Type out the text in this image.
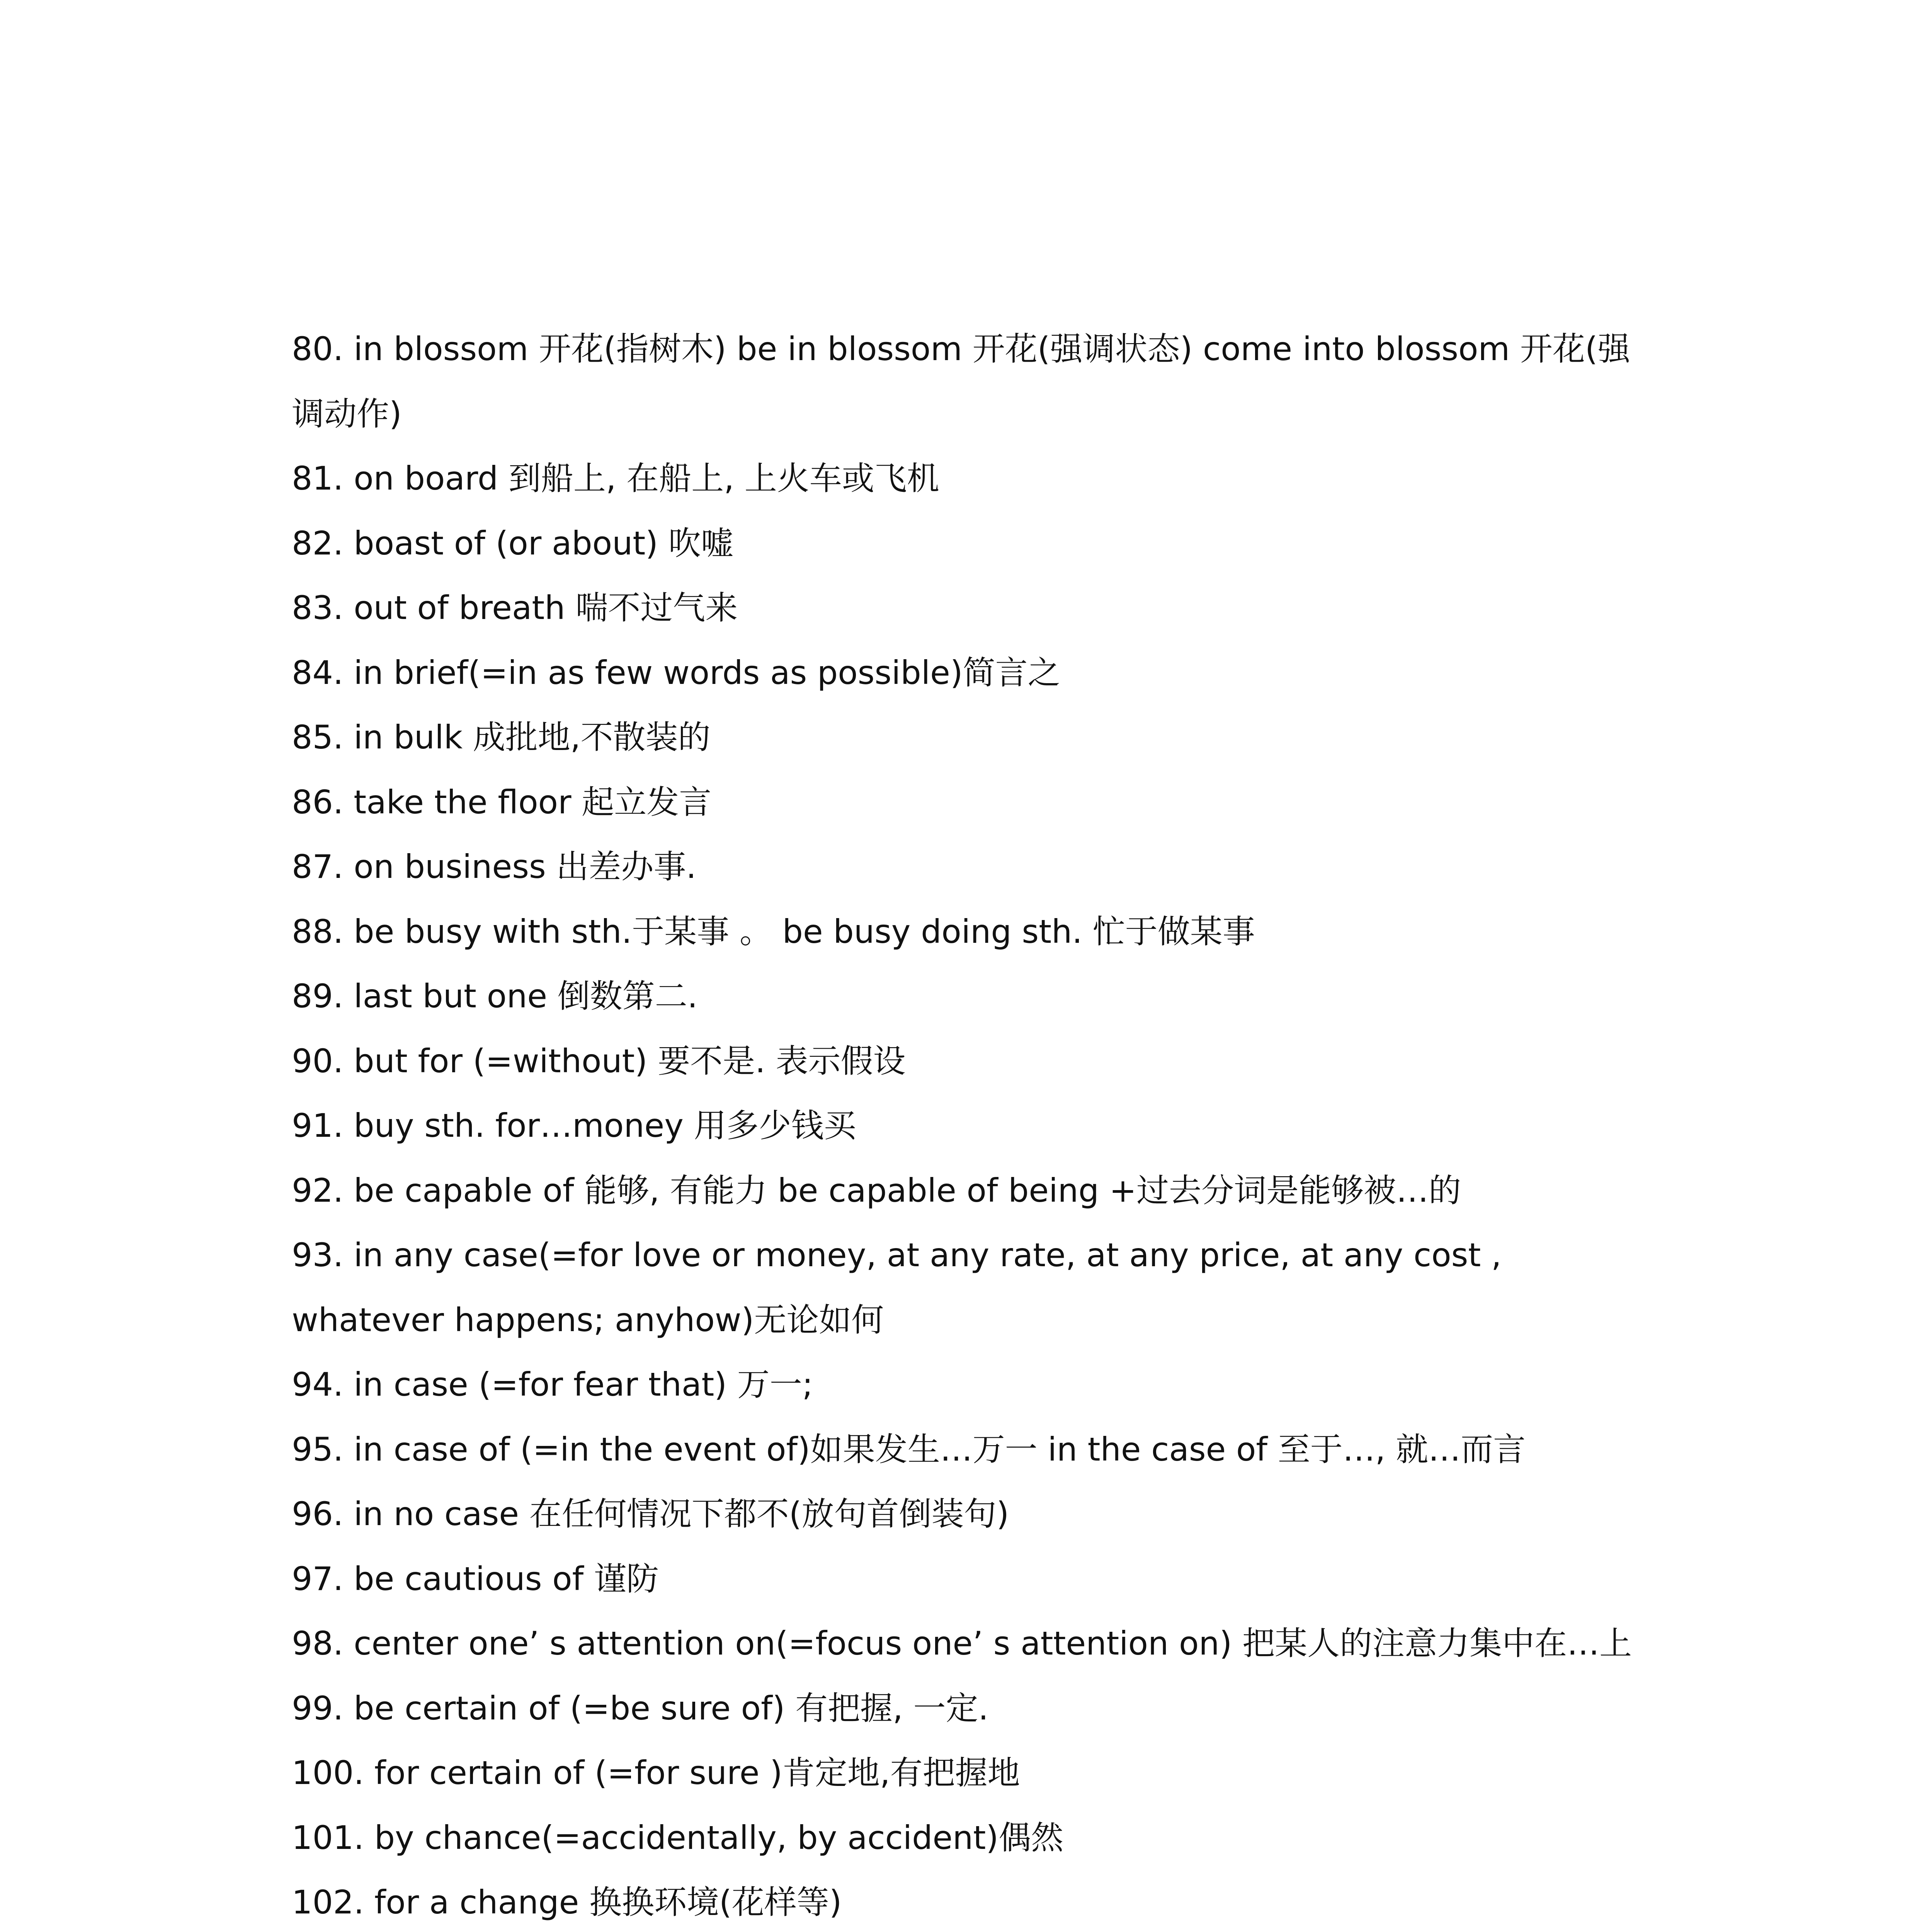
80. in blossom 开花(指树木) be in blossom 开花(强调状态) come into blossom 开花(强调动作)

81. on board 到船上, 在船上, 上火车或飞机

82. boast of (or about) 吹嘘

83. out of breath 喘不过气来

84. in brief(=in as few words as possible)简言之

85. in bulk 成批地,不散装的

86. take the floor 起立发言

87. on business 出差办事.

88. be busy with sth.于某事 。 be busy doing sth. 忙于做某事

89. last but one 倒数第二.

90. but for (=without) 要不是. 表示假设

91. buy sth. for…money 用多少钱买

92. be capable of 能够, 有能力 be capable of being +过去分词是能够被…的

93. in any case(=for love or money, at any rate, at any price, at any cost , whatever happens; anyhow)无论如何

94. in case (=for fear that) 万一;

95. in case of (=in the event of)如果发生…万一 in the case of 至于…, 就…而言

96. in no case 在任何情况下都不(放句首倒装句)

97. be cautious of 谨防

98. center one’ s attention on(=focus one’ s attention on) 把某人的注意力集中在…上

99. be certain of (=be sure of) 有把握, 一定.

100. for certain of (=for sure )肯定地,有把握地

101. by chance(=accidentally, by accident)偶然

102. for a change 换换环境(花样等)
